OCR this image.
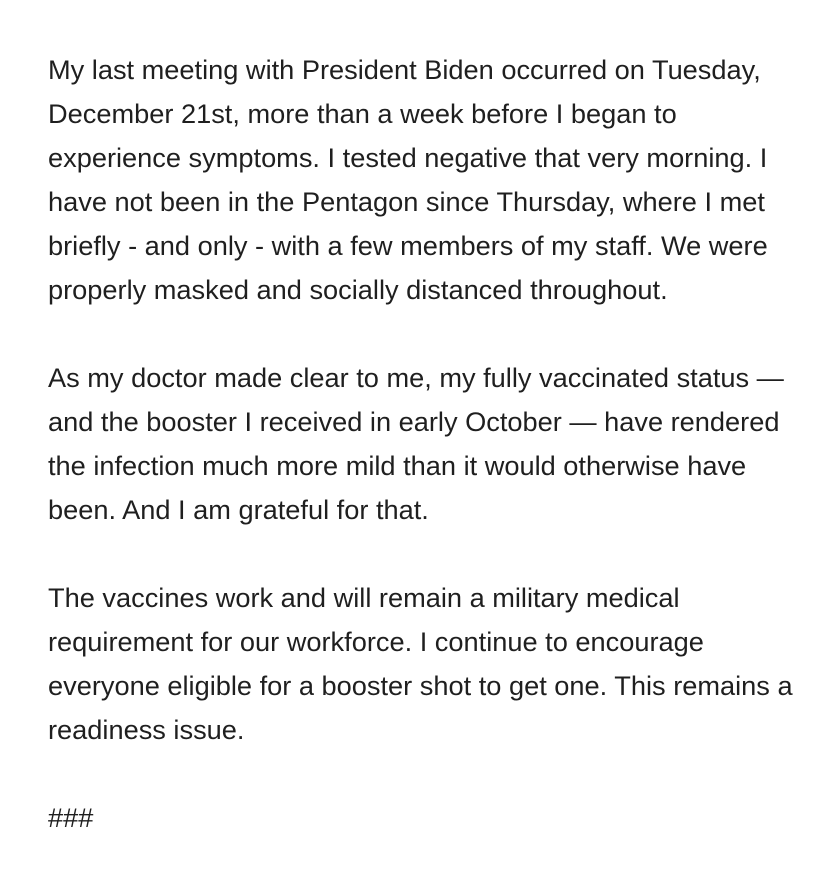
My last meeting with President Biden occurred on Tuesday, December 21st, more than a week before I began to experience symptoms. I tested negative that very morning. I have not been in the Pentagon since Thursday, where I met briefly - and only - with a few members of my staff. We were properly masked and socially distanced throughout.

As my doctor made clear to me, my fully vaccinated status — and the booster I received in early October — have rendered the infection much more mild than it would otherwise have been. And I am grateful for that.

The vaccines work and will remain a military medical requirement for our workforce. I continue to encourage everyone eligible for a booster shot to get one. This remains a readiness issue.

###
